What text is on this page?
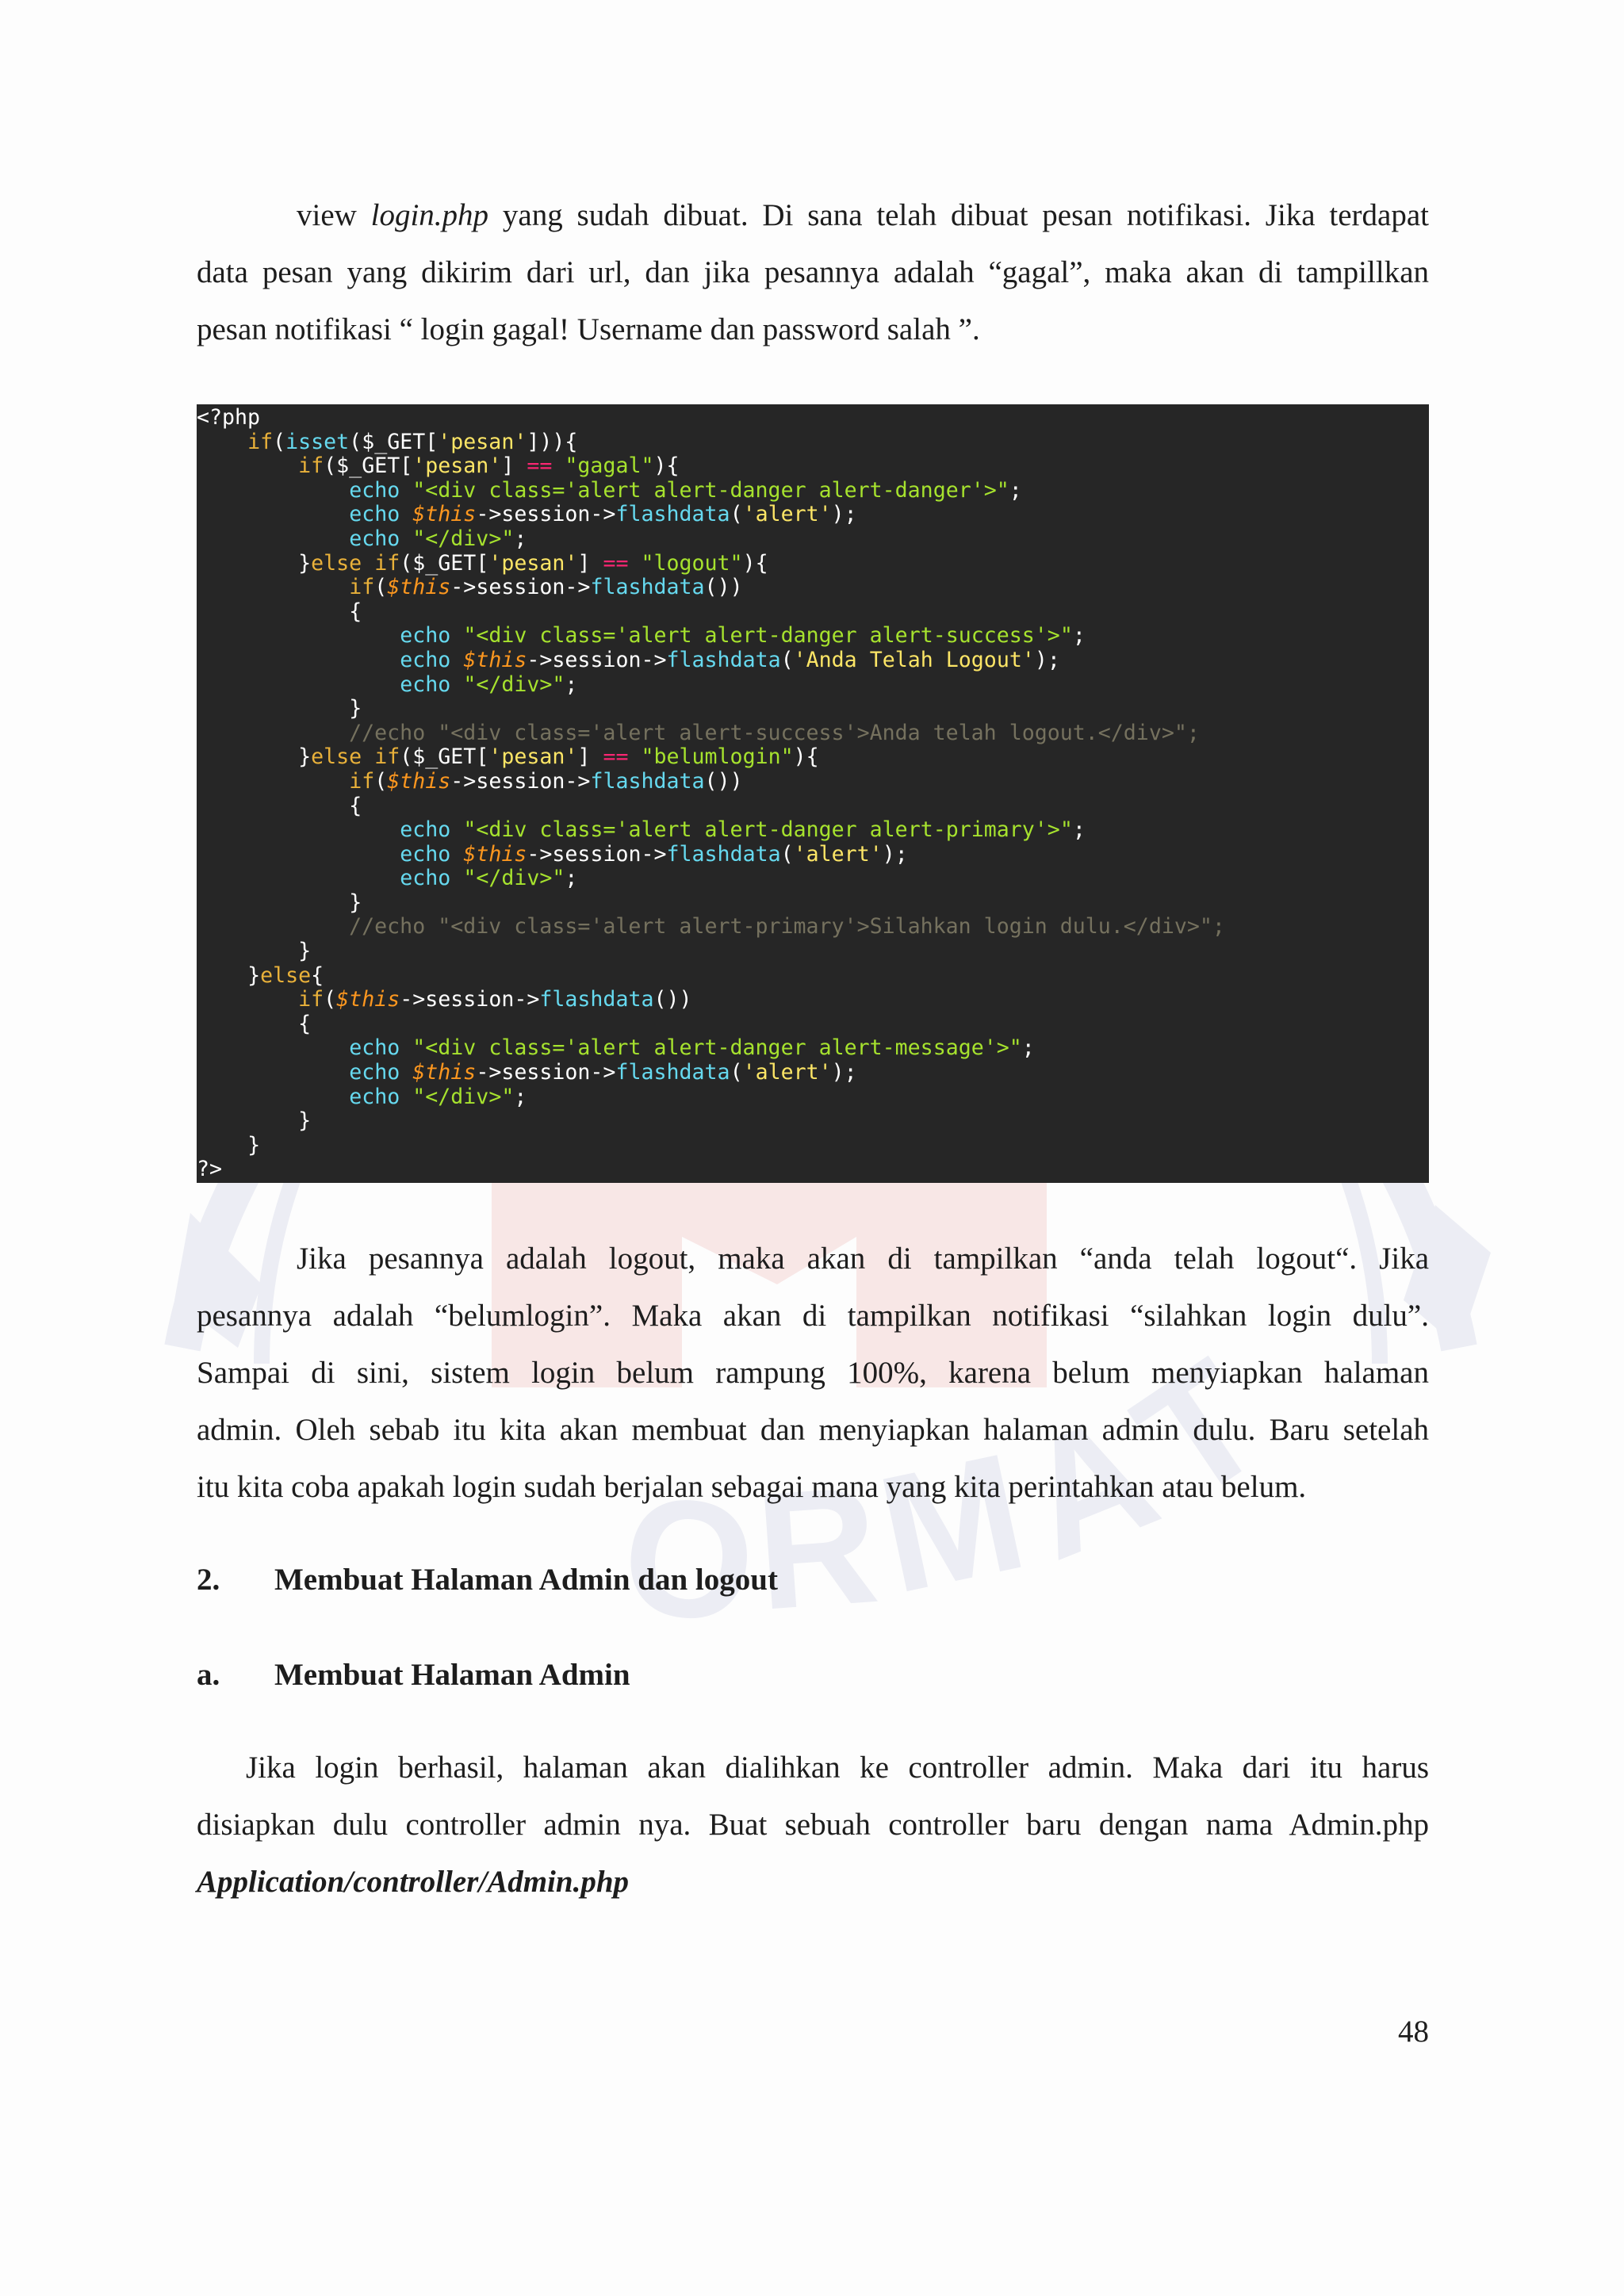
O
R
M
A
T
view login.php yang sudah dibuat. Di sana telah dibuat pesan notifikasi. Jika terdapat
data pesan yang dikirim dari url, dan jika pesannya adalah “gagal”, maka akan di tampillkan
pesan notifikasi “ login gagal! Username dan password salah ”.
<?php
if(isset($_GET['pesan'])){
if($_GET['pesan'] == "gagal"){
echo "<div class='alert alert-danger alert-danger'>";
echo $this->session->flashdata('alert');
echo "</div>";
}else if($_GET['pesan'] == "logout"){
if($this->session->flashdata())
{
echo "<div class='alert alert-danger alert-success'>";
echo $this->session->flashdata('Anda Telah Logout');
echo "</div>";
}
//echo "<div class='alert alert-success'>Anda telah logout.</div>";
}else if($_GET['pesan'] == "belumlogin"){
if($this->session->flashdata())
{
echo "<div class='alert alert-danger alert-primary'>";
echo $this->session->flashdata('alert');
echo "</div>";
}
//echo "<div class='alert alert-primary'>Silahkan login dulu.</div>";
}
}else{
if($this->session->flashdata())
{
echo "<div class='alert alert-danger alert-message'>";
echo $this->session->flashdata('alert');
echo "</div>";
}
}
?>
Jika pesannya adalah logout, maka akan di tampilkan “anda telah logout“. Jika
pesannya adalah “belumlogin”. Maka akan di tampilkan notifikasi “silahkan login dulu”.
Sampai di sini, sistem login belum rampung 100%, karena belum menyiapkan halaman
admin. Oleh sebab itu kita akan membuat dan menyiapkan halaman admin dulu. Baru setelah
itu kita coba apakah login sudah berjalan sebagai mana yang kita perintahkan atau belum.
2. Membuat Halaman Admin dan logout
a. Membuat Halaman Admin
Jika login berhasil, halaman akan dialihkan ke controller admin. Maka dari itu harus
disiapkan dulu controller admin nya. Buat sebuah controller baru dengan nama Admin.php
Application/controller/Admin.php
48
